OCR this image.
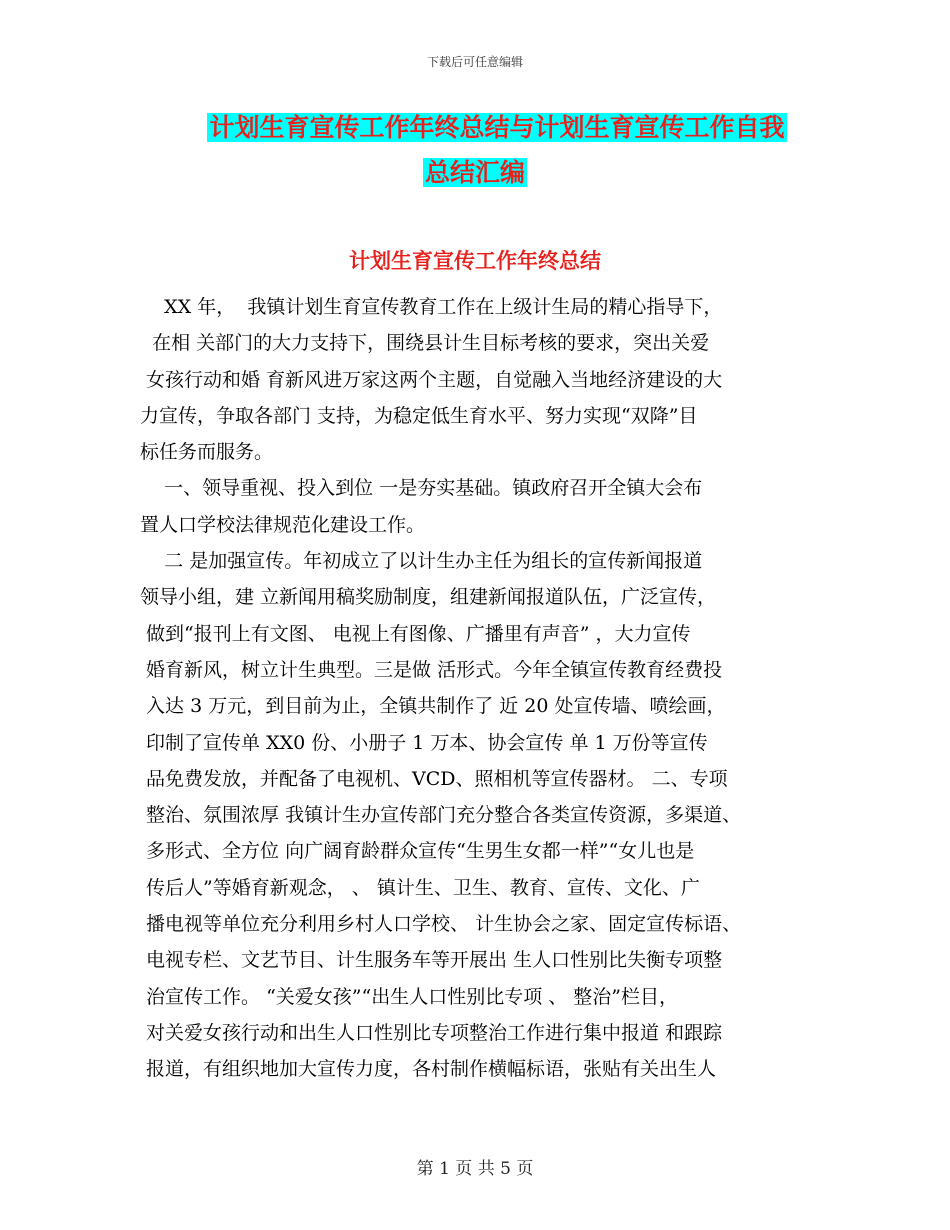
下载后可任意编辑
计划生育宣传工作年终总结与计划生育宣传工作自我
总结汇编
计划生育宣传工作年终总结
XX 年，  我镇计划生育宣传教育工作在上级计生局的精心指导下，
在相 关部门的大力支持下，围绕县计生目标考核的要求，突出关爱
女孩行动和婚 育新风进万家这两个主题，自觉融入当地经济建设的大
力宣传，争取各部门 支持，为稳定低生育水平、努力实现“双降”目
标任务而服务。
一、领导重视、投入到位 一是夯实基础。镇政府召开全镇大会布
置人口学校法律规范化建设工作。
二 是加强宣传。年初成立了以计生办主任为组长的宣传新闻报道
领导小组，建 立新闻用稿奖励制度，组建新闻报道队伍，广泛宣传，
做到“报刊上有文图、 电视上有图像、广播里有声音” ，大力宣传
婚育新风，树立计生典型。三是做 活形式。今年全镇宣传教育经费投
入达 3 万元，到目前为止，全镇共制作了 近 20 处宣传墙、喷绘画，
印制了宣传单 XX0 份、小册子 1 万本、协会宣传 单 1 万份等宣传
品免费发放，并配备了电视机、VCD、照相机等宣传器材。 二、专项
整治、氛围浓厚 我镇计生办宣传部门充分整合各类宣传资源，多渠道、
多形式、全方位 向广阔育龄群众宣传“生男生女都一样”“女儿也是
传后人”等婚育新观念， 、 镇计生、卫生、教育、宣传、文化、广
播电视等单位充分利用乡村人口学校、 计生协会之家、固定宣传标语、
电视专栏、文艺节目、计生服务车等开展出 生人口性别比失衡专项整
治宣传工作。 “关爱女孩”“出生人口性别比专项 、 整治”栏目，
对关爱女孩行动和出生人口性别比专项整治工作进行集中报道 和跟踪
报道，有组织地加大宣传力度，各村制作横幅标语，张贴有关出生人
第 1 页 共 5 页
